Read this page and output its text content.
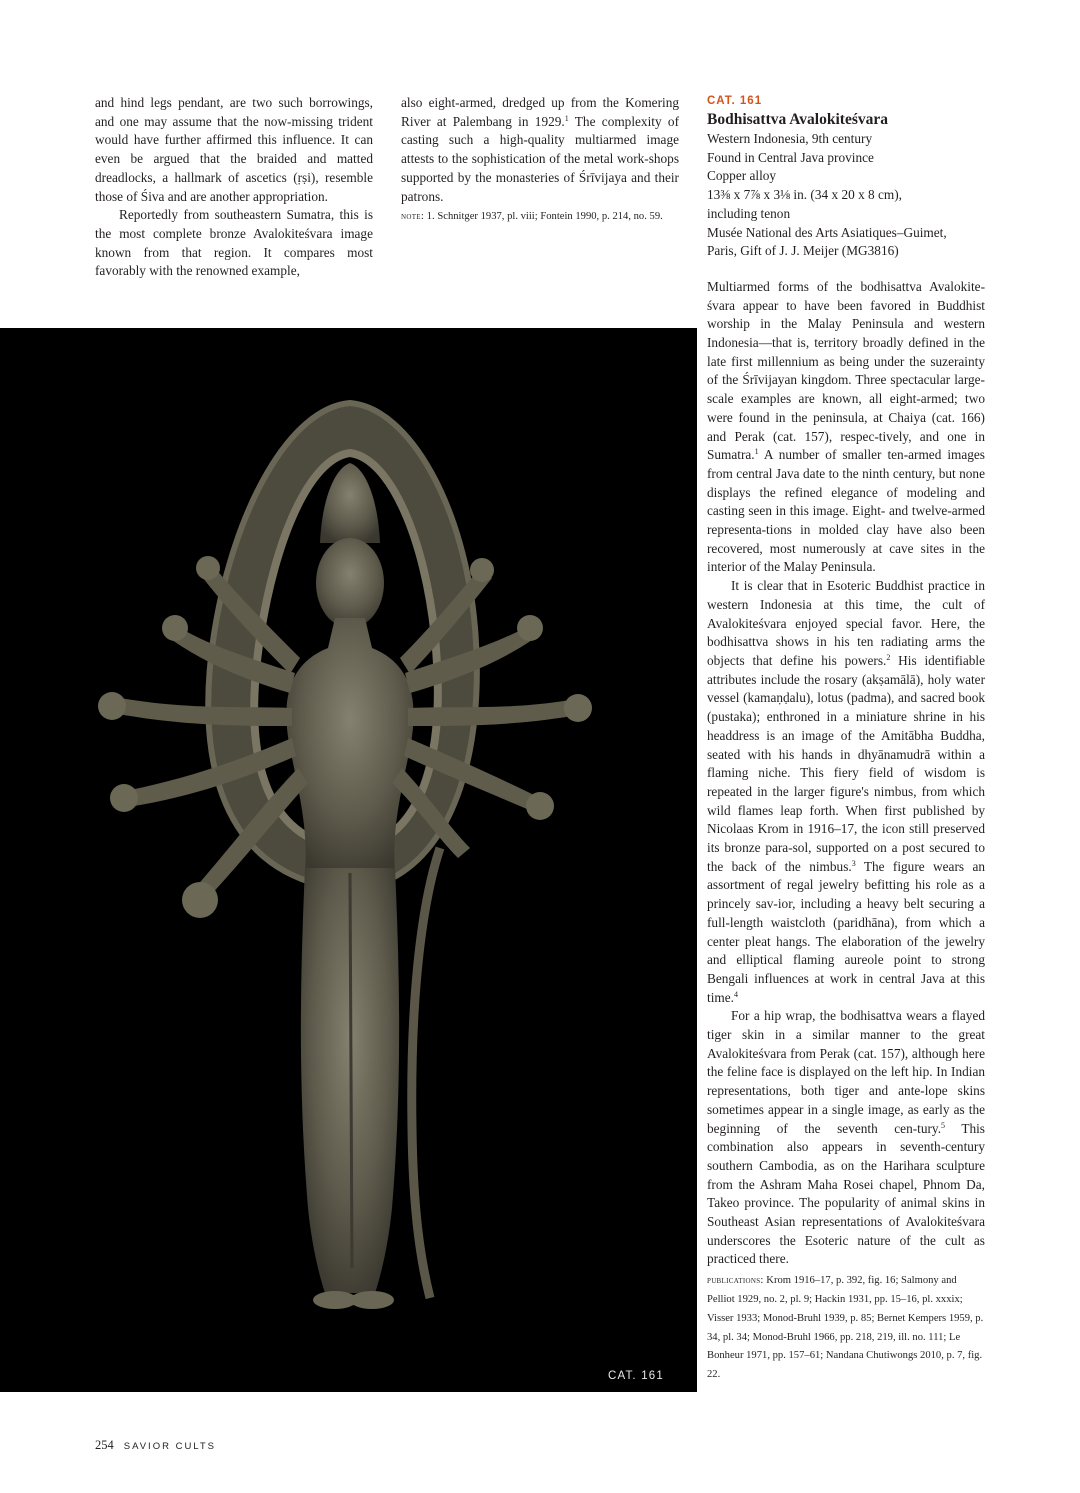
and hind legs pendant, are two such borrowings, and one may assume that the now-missing trident would have further affirmed this influence. It can even be argued that the braided and matted dreadlocks, a hallmark of ascetics (ṛṣi), resemble those of Śiva and are another appropriation.

Reportedly from southeastern Sumatra, this is the most complete bronze Avalokiteśvara image known from that region. It compares most favorably with the renowned example,

also eight-armed, dredged up from the Komering River at Palembang in 1929.$^1$ The complexity of casting such a high-quality multiarmed image attests to the sophistication of the metal work-shops supported by the monasteries of Śrīvijaya and their patrons.

note: 1. Schnitger 1937, pl. viii; Fontein 1990, p. 214, no. 59.

CAT. 161

Bodhisattva Avalokiteśvara

Western Indonesia, 9th century

Found in Central Java province

Copper alloy

13⅜ x 7⅞ x 3⅛ in. (34 x 20 x 8 cm),

including tenon

Musée National des Arts Asiatiques–Guimet,

Paris, Gift of J. J. Meijer (MG3816)

Multiarmed forms of the bodhisattva Avalokite-śvara appear to have been favored in Buddhist worship in the Malay Peninsula and western Indonesia—that is, territory broadly defined in the late first millennium as being under the suzerainty of the Śrīvijayan kingdom. Three spectacular large-scale examples are known, all eight-armed; two were found in the peninsula, at Chaiya (cat. 166) and Perak (cat. 157), respec-tively, and one in Sumatra.$^1$ A number of smaller ten-armed images from central Java date to the ninth century, but none displays the refined elegance of modeling and casting seen in this image. Eight- and twelve-armed representa-tions in molded clay have also been recovered, most numerously at cave sites in the interior of the Malay Peninsula.

It is clear that in Esoteric Buddhist practice in western Indonesia at this time, the cult of Avalokiteśvara enjoyed special favor. Here, the bodhisattva shows in his ten radiating arms the objects that define his powers.$^2$ His identifiable attributes include the rosary (akṣamālā), holy water vessel (kamaṇḍalu), lotus (padma), and sacred book (pustaka); enthroned in a miniature shrine in his headdress is an image of the Amitābha Buddha, seated with his hands in dhyānamudrā within a flaming niche. This fiery field of wisdom is repeated in the larger figure's nimbus, from which wild flames leap forth. When first published by Nicolaas Krom in 1916–17, the icon still preserved its bronze para-sol, supported on a post secured to the back of the nimbus.$^3$ The figure wears an assortment of regal jewelry befitting his role as a princely sav-ior, including a heavy belt securing a full-length waistcloth (paridhāna), from which a center pleat hangs. The elaboration of the jewelry and elliptical flaming aureole point to strong Bengali influences at work in central Java at this time.$^4$

For a hip wrap, the bodhisattva wears a flayed tiger skin in a similar manner to the great Avalokiteśvara from Perak (cat. 157), although here the feline face is displayed on the left hip. In Indian representations, both tiger and ante-lope skins sometimes appear in a single image, as early as the beginning of the seventh cen-tury.$^5$ This combination also appears in seventh-century southern Cambodia, as on the Harihara sculpture from the Ashram Maha Rosei chapel, Phnom Da, Takeo province. The popularity of animal skins in Southeast Asian representations of Avalokiteśvara underscores the Esoteric nature of the cult as practiced there.

publications: Krom 1916–17, p. 392, fig. 16; Salmony and Pelliot 1929, no. 2, pl. 9; Hackin 1931, pp. 15–16, pl. xxxix; Visser 1933; Monod-Bruhl 1939, p. 85; Bernet Kempers 1959, p. 34, pl. 34; Monod-Bruhl 1966, pp. 218, 219, ill. no. 111; Le Bonheur 1971, pp. 157–61; Nandana Chutiwongs 2010, p. 7, fig. 22.

CAT. 161
254 SAVIOR CULTS
